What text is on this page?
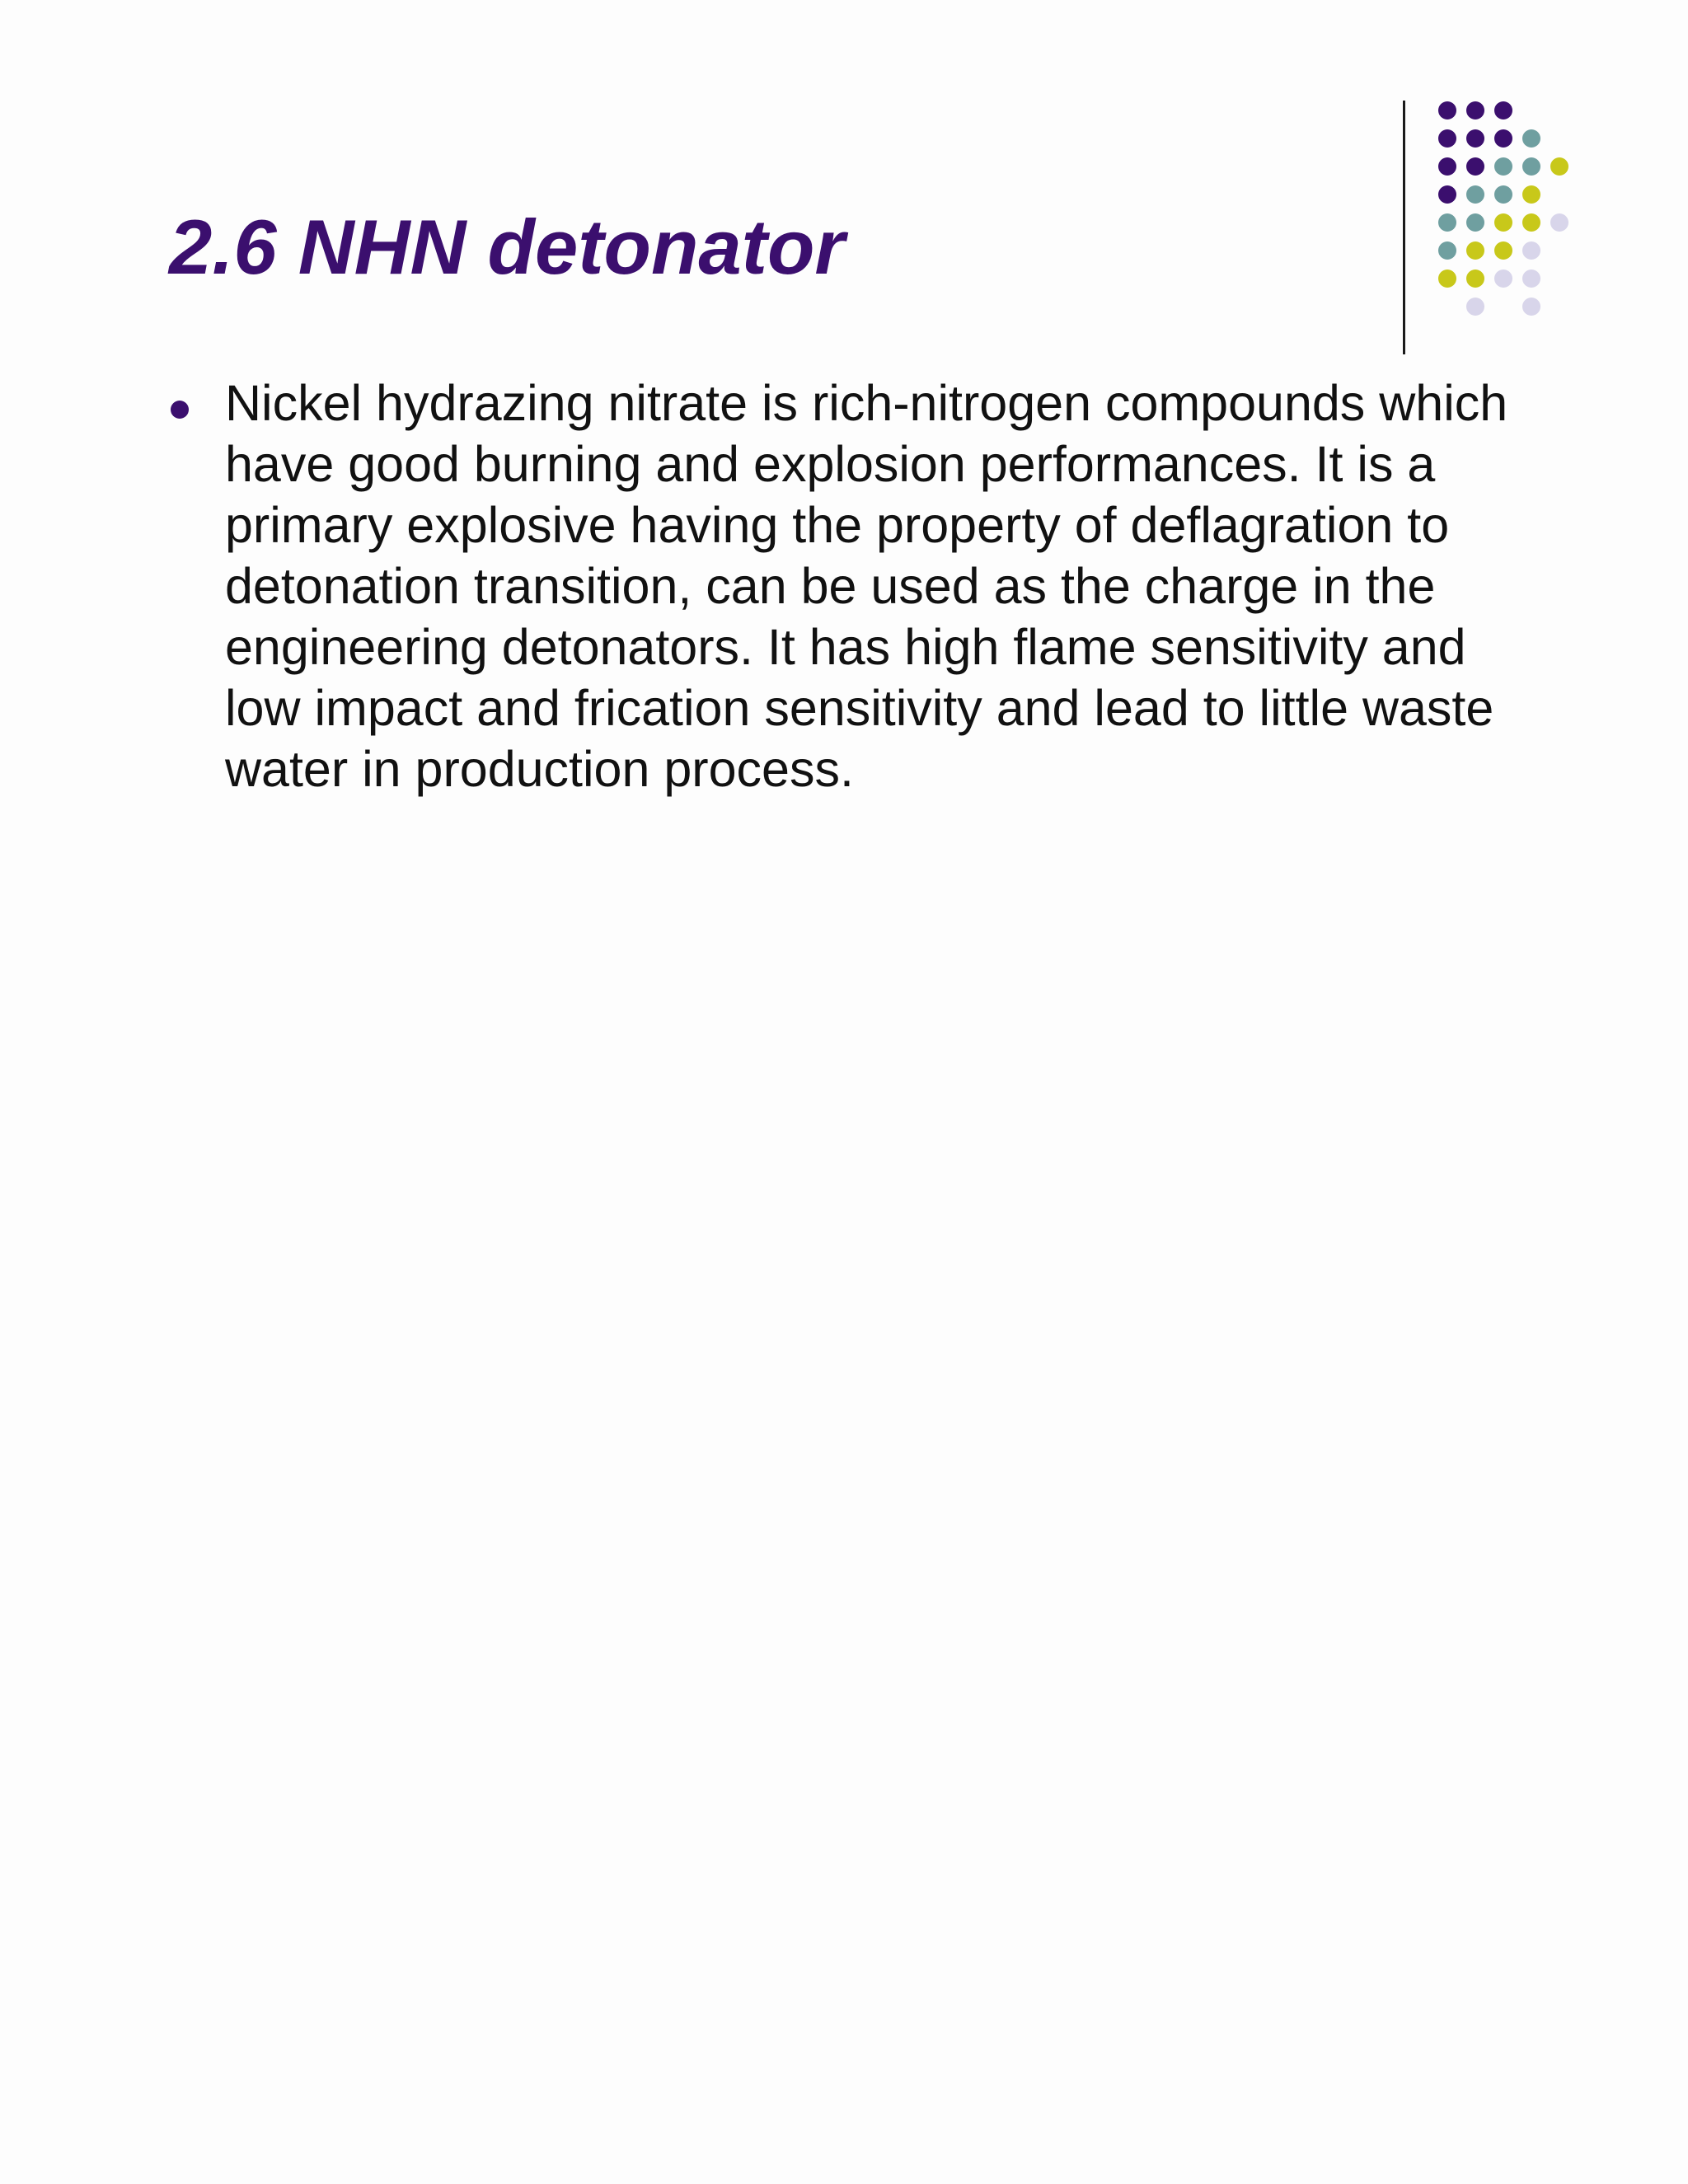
2.6 NHN detonator
Nickel hydrazing nitrate is rich-nitrogen compounds which have good burning and explosion performances. It is a primary explosive having the property of deflagration to detonation transition, can be used as the charge in the engineering detonators. It has high flame sensitivity and low impact and frication sensitivity and lead to little waste water in production process.
